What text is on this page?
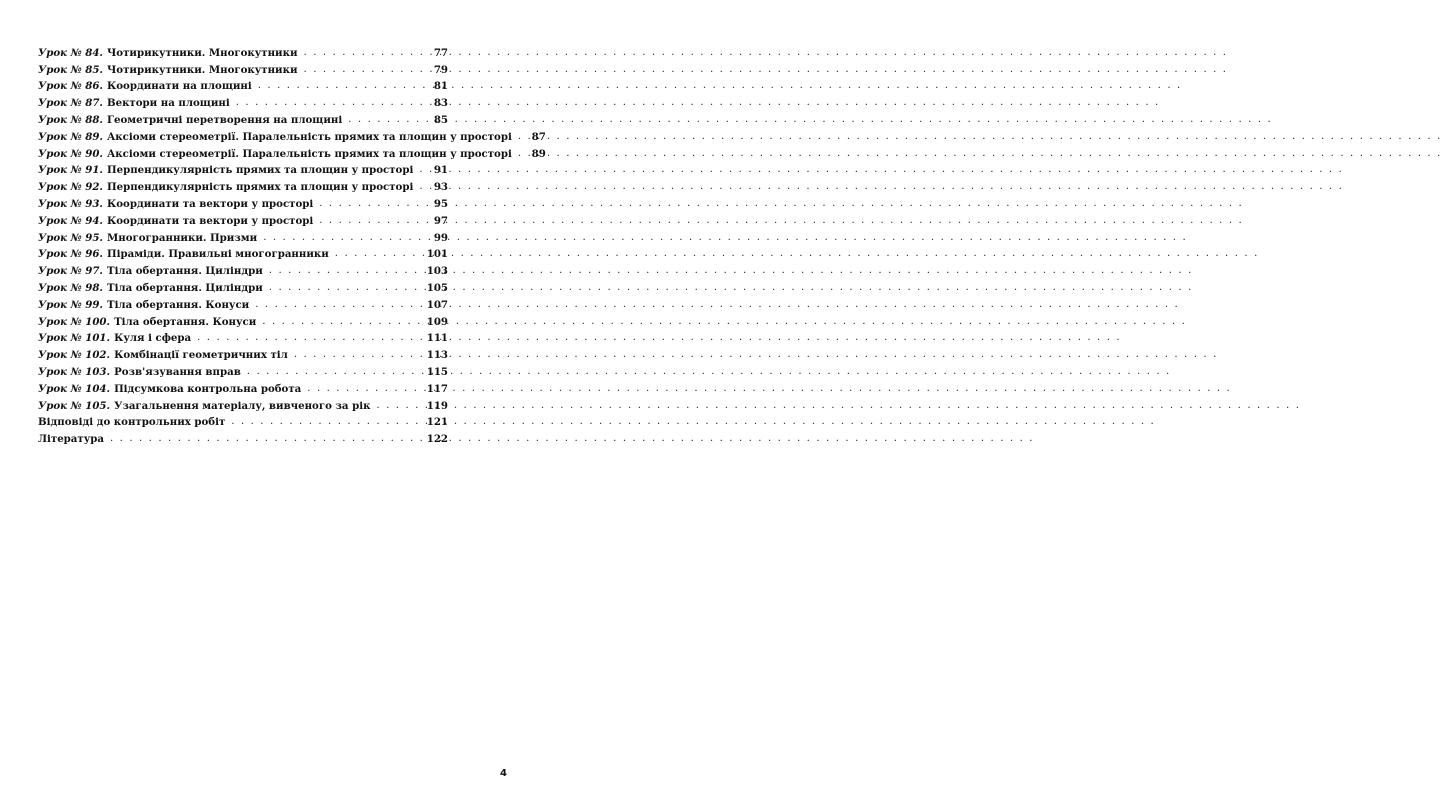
Урок № 84. Чотирикутники. Многокутники . . .	77
Урок № 85. Чотирикутники. Многокутники . . .	79
Урок № 86. Координати на площині . . .	81
Урок № 87. Вектори на площині . . .	83
Урок № 88. Геометричні перетворення на площині . . .	85
Урок № 89. Аксіоми стереометрії. Паралельність прямих та площин у просторі . . .	87
Урок № 90. Аксіоми стереометрії. Паралельність прямих та площин у просторі . . .	89
Урок № 91. Перпендикулярність прямих та площин у просторі . . .	91
Урок № 92. Перпендикулярність прямих та площин у просторі . . .	93
Урок № 93. Координати та вектори у просторі . . .	95
Урок № 94. Координати та вектори у просторі . . .	97
Урок № 95. Многогранники. Призми . . .	99
Урок № 96. Піраміди. Правильні многогранники . . .	101
Урок № 97. Тіла обертання. Циліндри . . .	103
Урок № 98. Тіла обертання. Циліндри . . .	105
Урок № 99. Тіла обертання. Конуси . . .	107
Урок № 100. Тіла обертання. Конуси . . .	109
Урок № 101. Куля і сфера . . .	111
Урок № 102. Комбінації геометричних тіл . . .	113
Урок № 103. Розв'язування вправ . . .	115
Урок № 104. Підсумкова контрольна робота . . .	117
Урок № 105. Узагальнення матеріалу, вивченого за рік . . .	119
Відповіді до контрольних робіт . . .	121
Література . . .	122
4
